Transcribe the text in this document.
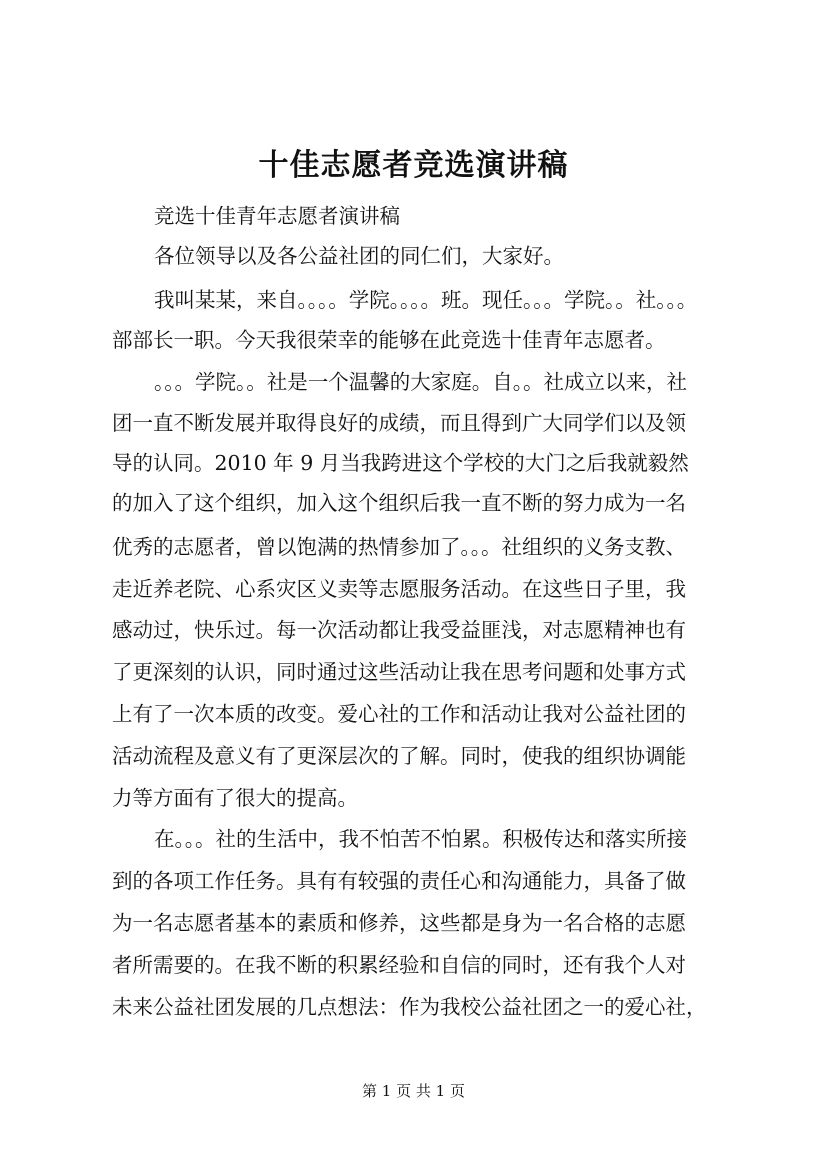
十佳志愿者竞选演讲稿
竞选十佳青年志愿者演讲稿
各位领导以及各公益社团的同仁们，大家好。
我叫某某，来自。。。。学院。。。。班。现任。。。学院。。社。。。
部部长一职。今天我很荣幸的能够在此竞选十佳青年志愿者。
。。。学院。。社是一个温馨的大家庭。自。。社成立以来，社
团一直不断发展并取得良好的成绩，而且得到广大同学们以及领
导的认同。2010 年 9 月当我跨进这个学校的大门之后我就毅然
的加入了这个组织，加入这个组织后我一直不断的努力成为一名
优秀的志愿者，曾以饱满的热情参加了。。。社组织的义务支教、
走近养老院、心系灾区义卖等志愿服务活动。在这些日子里，我
感动过，快乐过。每一次活动都让我受益匪浅，对志愿精神也有
了更深刻的认识，同时通过这些活动让我在思考问题和处事方式
上有了一次本质的改变。爱心社的工作和活动让我对公益社团的
活动流程及意义有了更深层次的了解。同时，使我的组织协调能
力等方面有了很大的提高。
在。。。社的生活中，我不怕苦不怕累。积极传达和落实所接
到的各项工作任务。具有有较强的责任心和沟通能力，具备了做
为一名志愿者基本的素质和修养，这些都是身为一名合格的志愿
者所需要的。在我不断的积累经验和自信的同时，还有我个人对
未来公益社团发展的几点想法：作为我校公益社团之一的爱心社，
第 1 页 共 1 页
